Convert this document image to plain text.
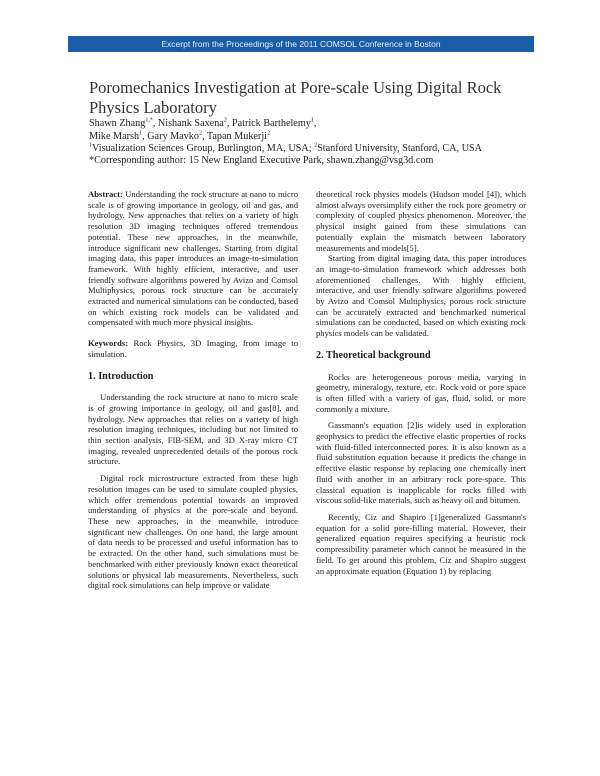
Excerpt from the Proceedings of the 2011 COMSOL Conference in Boston
Poromechanics Investigation at Pore-scale Using Digital Rock Physics Laboratory
Shawn Zhang$^{1,*}$, Nishank Saxena$^2$, Patrick Barthelemy$^1$,
Mike Marsh$^1$, Gary Mavko$^2$, Tapan Mukerji$^2$
$^1$Visualization Sciences Group, Burlington, MA, USA; $^2$Stanford University, Stanford, CA, USA
*Corresponding author: 15 New England Executive Park, shawn.zhang@vsg3d.com

Abstract: Understanding the rock structure at nano to micro scale is of growing importance in geology, oil and gas, and hydrology. New approaches that relies on a variety of high resolution 3D imaging techniques offered tremendous potential. These new approaches, in the meanwhile, introduce significant new challenges. Starting from digital imaging data, this paper introduces an image-to-simulation framework. With highly efficient, interactive, and user friendly software algorithms powered by Avizo and Comsol Multiphysics, porous rock structure can be accurately extracted and numerical simulations can be conducted, based on which existing rock models can be validated and compensated with much more physical insights.

Keywords: Rock Physics, 3D Imaging, from image to simulation.

1. Introduction

Understanding the rock structure at nano to micro scale is of growing importance in geology, oil and gas[8], and hydrology. New approaches that relies on a variety of high resolution imaging techniques, including but not limited to thin section analysis, FIB-SEM, and 3D X-ray micro CT imaging, revealed unprecedented details of the porous rock structure.

Digital rock microstructure extracted from these high resolution images can be used to simulate coupled physics, which offer tremendous potential towards an improved understanding of physics at the pore-scale and beyond. These new approaches, in the meanwhile, introduce significant new challenges. On one hand, the large amount of data needs to be processed and useful information has to be extracted. On the other hand, such simulations must be benchmarked with either previously known exact theoretical solutions or physical lab measurements. Nevertheless, such digital rock simulations can help improve or validate

theoretical rock physics models (Hudson model [4]), which almost always oversimplify either the rock pore geometry or complexity of coupled physics phenomenon. Moreover, the physical insight gained from these simulations can potentially explain the mismatch between laboratory measurements and models[5].

Starting from digital imaging data, this paper introduces an image-to-simulation framework which addresses both aforementioned challenges. With highly efficient, interactive, and user friendly software algorithms powered by Avizo and Comsol Multiphysics, porous rock structure can be accurately extracted and benchmarked numerical simulations can be conducted, based on which existing rock physics models can be validated.

2. Theoretical background

Rocks are heterogeneous porous media, varying in geometry, mineralogy, texture, etc. Rock void or pore space is often filled with a variety of gas, fluid, solid, or more commonly a mixture.

Gassmann's equation [2]is widely used in exploration geophysics to predict the effective elastic properties of rocks with fluid-filled interconnected pores. It is also known as a fluid substitution equation because it predicts the change in effective elastic response by replacing one chemically inert fluid with another in an arbitrary rock pore-space. This classical equation is inapplicable for rocks filled with viscous solid-like materials, such as heavy oil and bitumen.

Recently, Ciz and Shapiro [1]generalized Gassmann's equation for a solid pore-filling material. However, their generalized equation requires specifying a heuristic rock compressibility parameter which cannot be measured in the field. To get around this problem, Ciz and Shapiro suggest an approximate equation (Equation 1) by replacing
